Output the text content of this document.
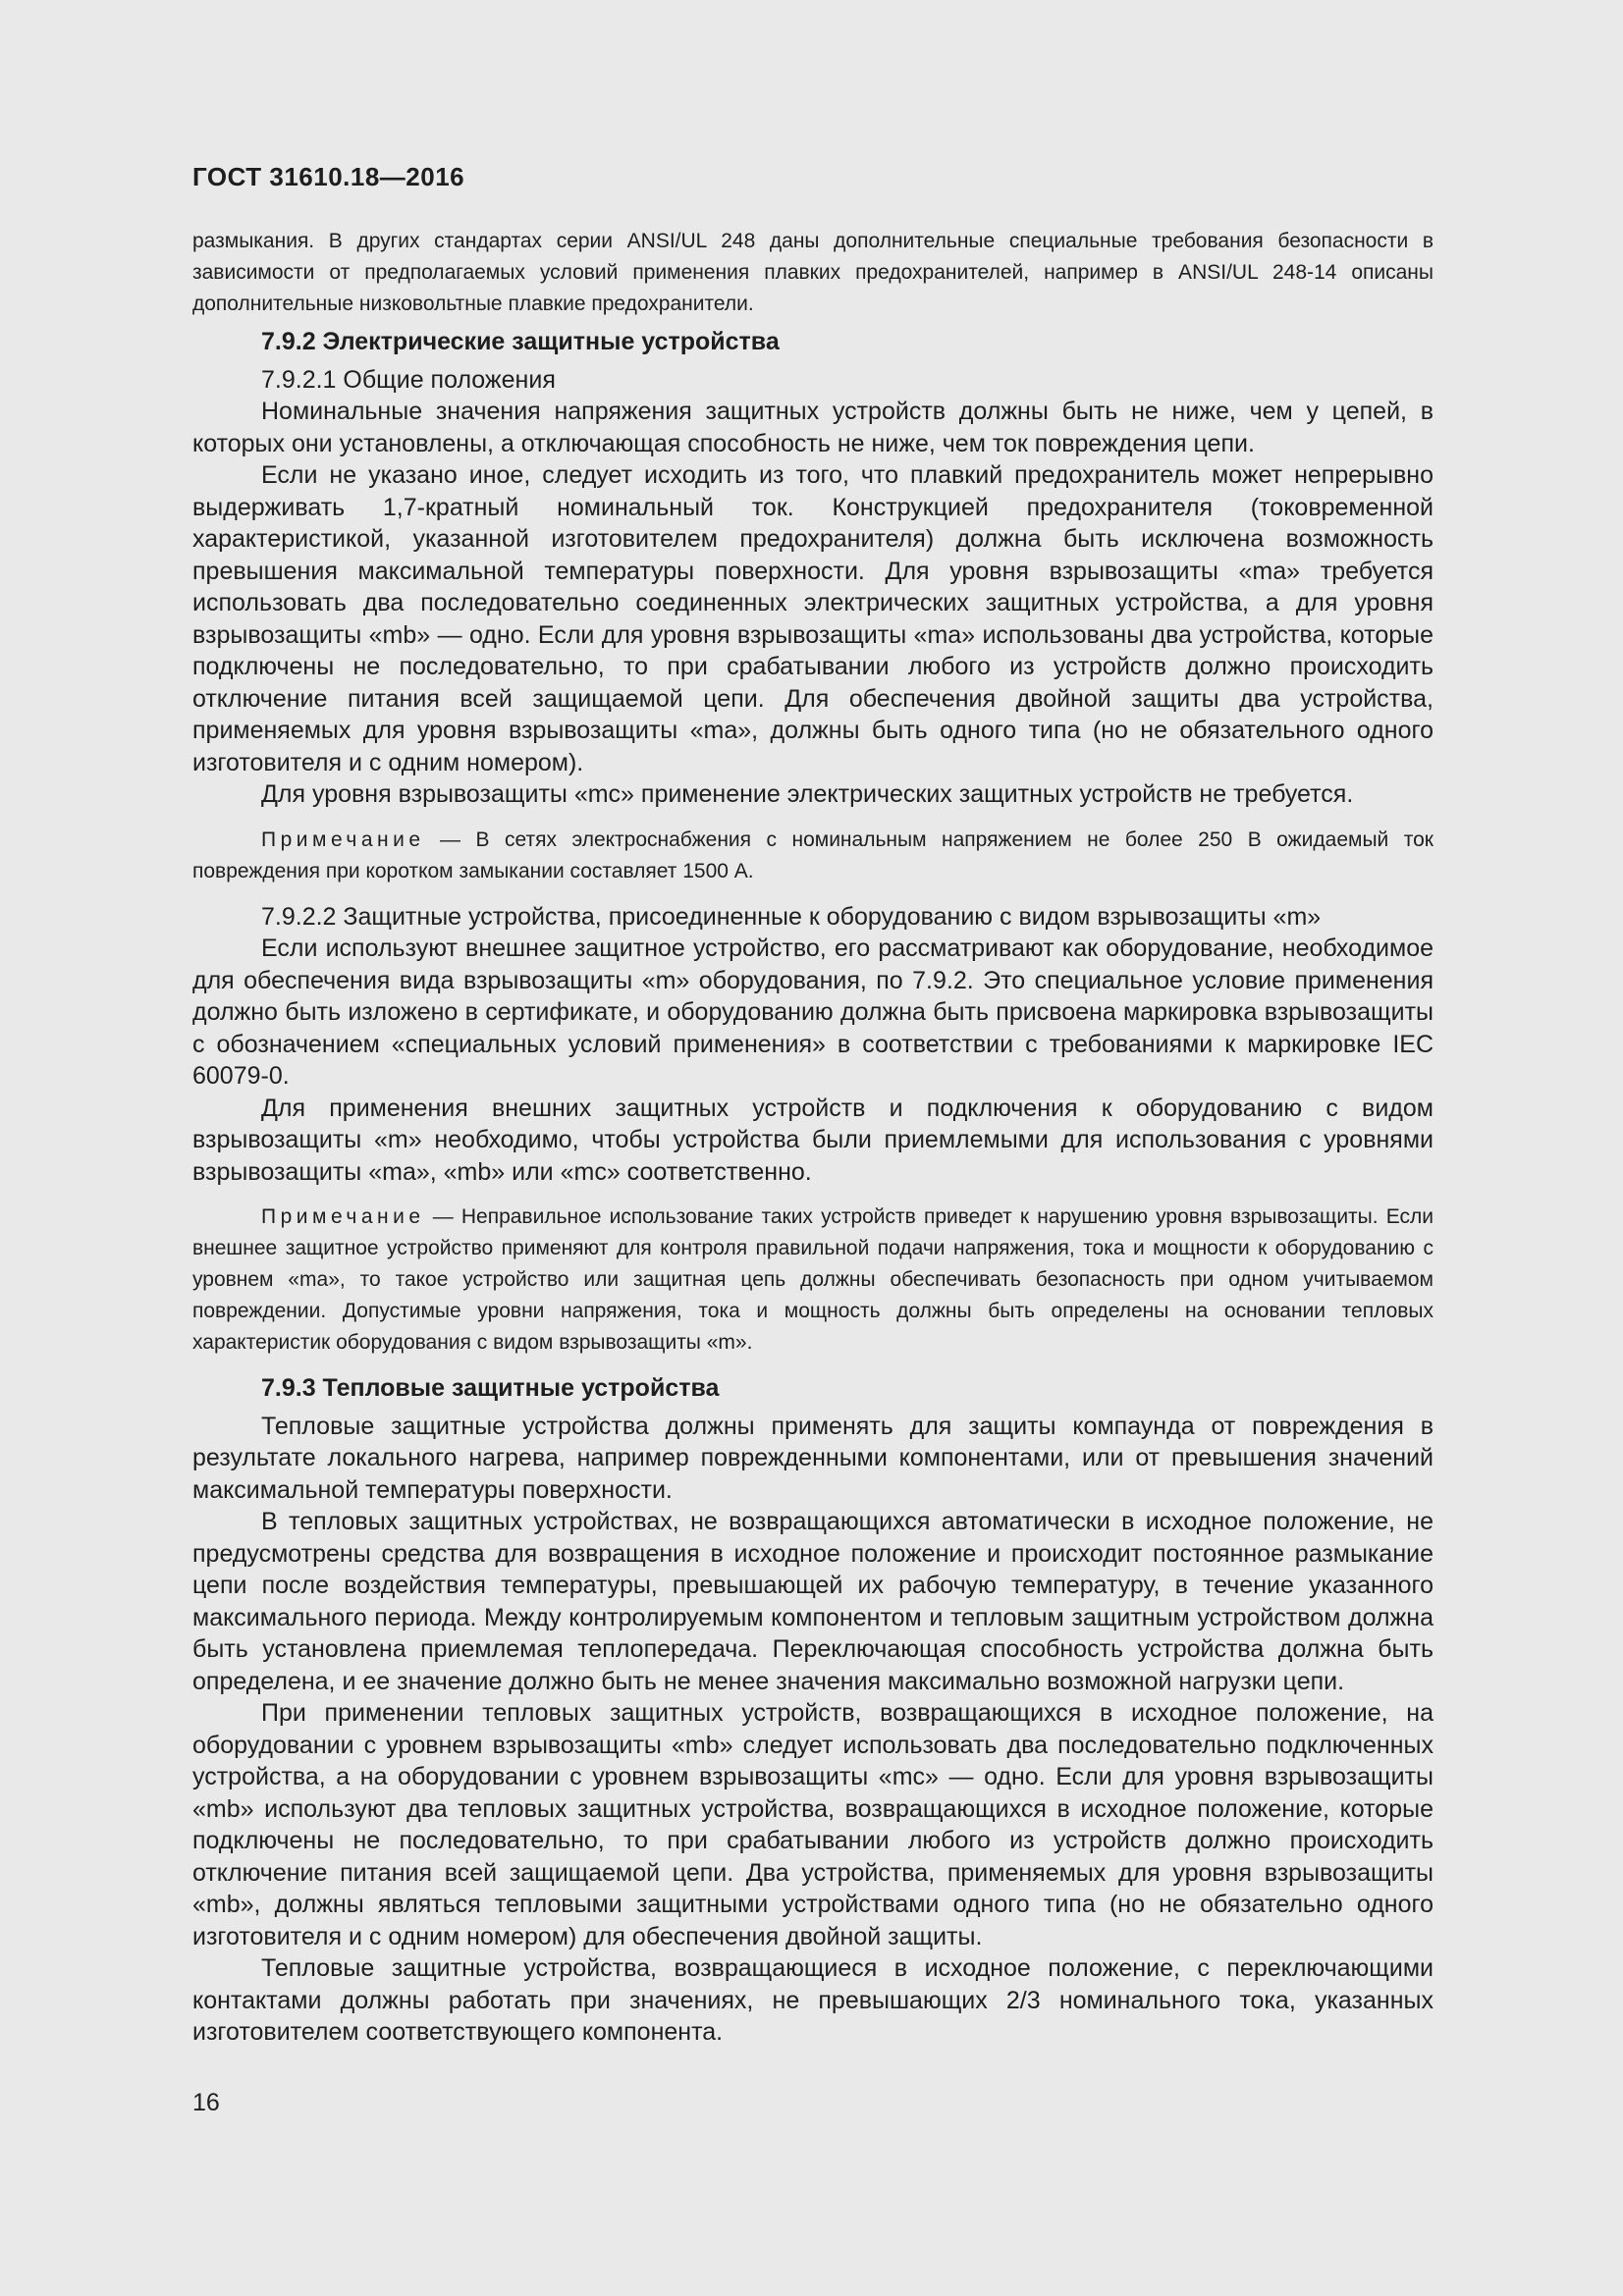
ГОСТ 31610.18—2016

размыкания. В других стандартах серии ANSI/UL 248 даны дополнительные специальные требования безопасности в зависимости от предполагаемых условий применения плавких предохранителей, например в ANSI/UL 248-14 описаны дополнительные низковольтные плавкие предохранители.

7.9.2 Электрические защитные устройства
7.9.2.1 Общие положения

Номинальные значения напряжения защитных устройств должны быть не ниже, чем у цепей, в которых они установлены, а отключающая способность не ниже, чем ток повреждения цепи.

Если не указано иное, следует исходить из того, что плавкий предохранитель может непрерывно выдерживать 1,7-кратный номинальный ток. Конструкцией предохранителя (токовременной характеристикой, указанной изготовителем предохранителя) должна быть исключена возможность превышения максимальной температуры поверхности. Для уровня взрывозащиты «ma» требуется использовать два последовательно соединенных электрических защитных устройства, а для уровня взрывозащиты «mb» — одно. Если для уровня взрывозащиты «ma» использованы два устройства, которые подключены не последовательно, то при срабатывании любого из устройств должно происходить отключение питания всей защищаемой цепи. Для обеспечения двойной защиты два устройства, применяемых для уровня взрывозащиты «ma», должны быть одного типа (но не обязательного одного изготовителя и с одним номером).

Для уровня взрывозащиты «mc» применение электрических защитных устройств не требуется.

Примечание — В сетях электроснабжения с номинальным напряжением не более 250 В ожидаемый ток повреждения при коротком замыкании составляет 1500 А.

7.9.2.2 Защитные устройства, присоединенные к оборудованию с видом взрывозащиты «m»

Если используют внешнее защитное устройство, его рассматривают как оборудование, необходимое для обеспечения вида взрывозащиты «m» оборудования, по 7.9.2. Это специальное условие применения должно быть изложено в сертификате, и оборудованию должна быть присвоена маркировка взрывозащиты с обозначением «специальных условий применения» в соответствии с требованиями к маркировке IEC 60079-0.

Для применения внешних защитных устройств и подключения к оборудованию с видом взрывозащиты «m» необходимо, чтобы устройства были приемлемыми для использования с уровнями взрывозащиты «ma», «mb» или «mc» соответственно.

Примечание — Неправильное использование таких устройств приведет к нарушению уровня взрывозащиты. Если внешнее защитное устройство применяют для контроля правильной подачи напряжения, тока и мощности к оборудованию с уровнем «ma», то такое устройство или защитная цепь должны обеспечивать безопасность при одном учитываемом повреждении. Допустимые уровни напряжения, тока и мощность должны быть определены на основании тепловых характеристик оборудования с видом взрывозащиты «m».

7.9.3 Тепловые защитные устройства

Тепловые защитные устройства должны применять для защиты компаунда от повреждения в результате локального нагрева, например поврежденными компонентами, или от превышения значений максимальной температуры поверхности.

В тепловых защитных устройствах, не возвращающихся автоматически в исходное положение, не предусмотрены средства для возвращения в исходное положение и происходит постоянное размыкание цепи после воздействия температуры, превышающей их рабочую температуру, в течение указанного максимального периода. Между контролируемым компонентом и тепловым защитным устройством должна быть установлена приемлемая теплопередача. Переключающая способность устройства должна быть определена, и ее значение должно быть не менее значения максимально возможной нагрузки цепи.

При применении тепловых защитных устройств, возвращающихся в исходное положение, на оборудовании с уровнем взрывозащиты «mb» следует использовать два последовательно подключенных устройства, а на оборудовании с уровнем взрывозащиты «mc» — одно. Если для уровня взрывозащиты «mb» используют два тепловых защитных устройства, возвращающихся в исходное положение, которые подключены не последовательно, то при срабатывании любого из устройств должно происходить отключение питания всей защищаемой цепи. Два устройства, применяемых для уровня взрывозащиты «mb», должны являться тепловыми защитными устройствами одного типа (но не обязательно одного изготовителя и с одним номером) для обеспечения двойной защиты.

Тепловые защитные устройства, возвращающиеся в исходное положение, с переключающими контактами должны работать при значениях, не превышающих 2/3 номинального тока, указанных изготовителем соответствующего компонента.

16
